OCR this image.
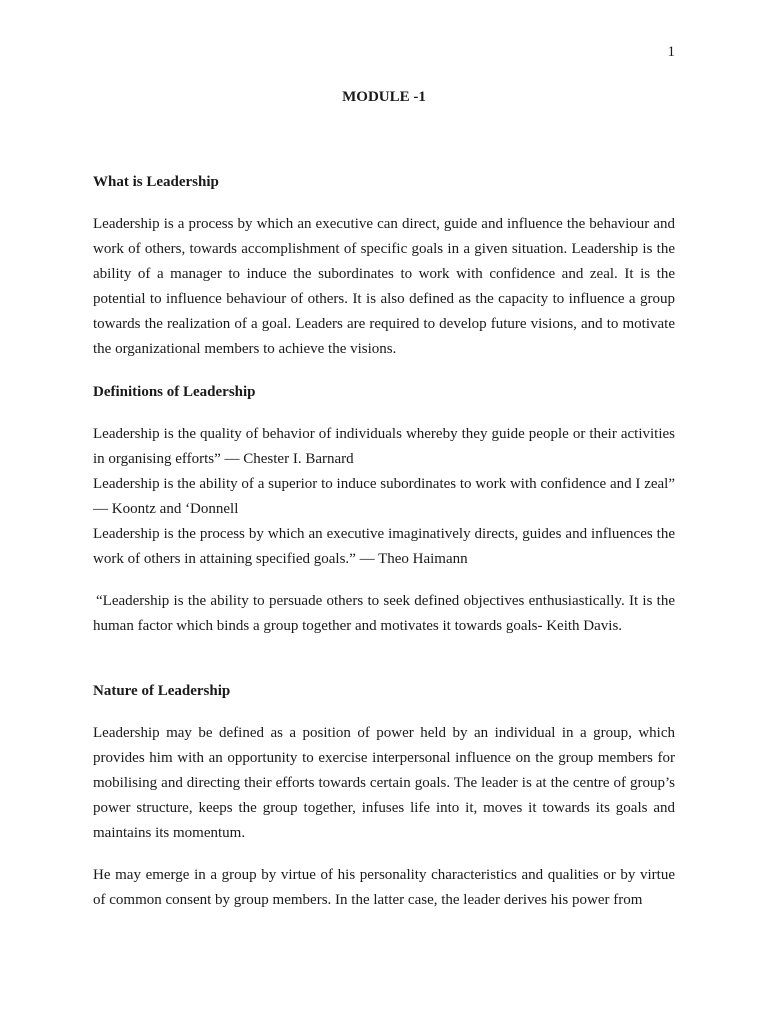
1
MODULE -1

What is Leadership

Leadership is a process by which an executive can direct, guide and influence the behaviour and work of others, towards accomplishment of specific goals in a given situation. Leadership is the ability of a manager to induce the subordinates to work with confidence and zeal. It is the potential to influence behaviour of others. It is also defined as the capacity to influence a group towards the realization of a goal. Leaders are required to develop future visions, and to motivate the organizational members to achieve the visions.

Definitions of Leadership

Leadership is the quality of behavior of individuals whereby they guide people or their activities in organising efforts” — Chester I. Barnard

Leadership is the ability of a superior to induce subordinates to work with confidence and I zeal” — Koontz and ‘Donnell

Leadership is the process by which an executive imaginatively directs, guides and influences the work of others in attaining specified goals.” — Theo Haimann

“Leadership is the ability to persuade others to seek defined objectives enthusiastically. It is the human factor which binds a group together and motivates it towards goals- Keith Davis.

Nature of Leadership

Leadership may be defined as a position of power held by an individual in a group, which provides him with an opportunity to exercise interpersonal influence on the group members for mobilising and directing their efforts towards certain goals. The leader is at the centre of group’s power structure, keeps the group together, infuses life into it, moves it towards its goals and maintains its momentum.

He may emerge in a group by virtue of his personality characteristics and qualities or by virtue of common consent by group members. In the latter case, the leader derives his power from
